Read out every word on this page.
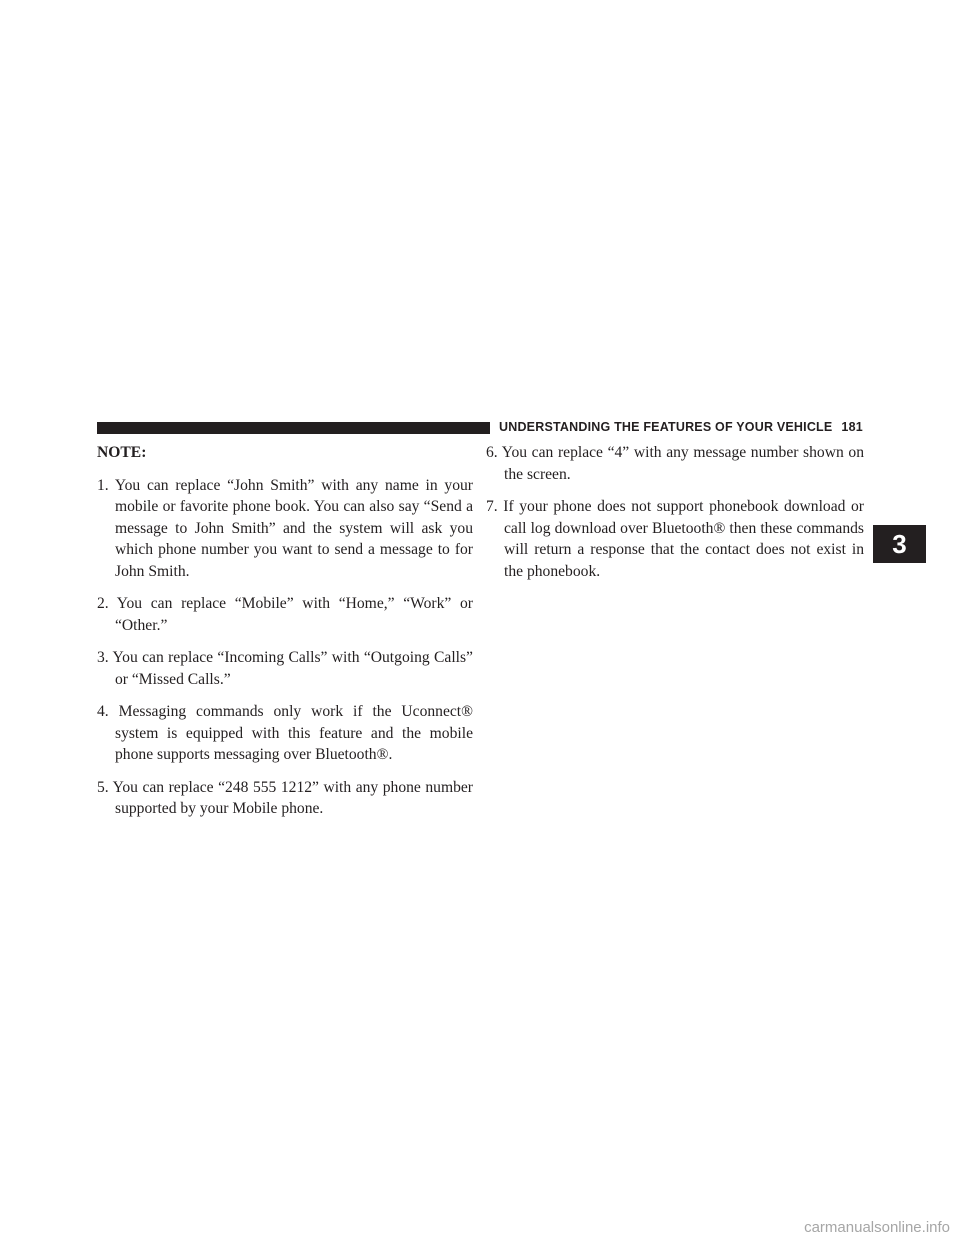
UNDERSTANDING THE FEATURES OF YOUR VEHICLE 181

NOTE:

1. You can replace “John Smith” with any name in your mobile or favorite phone book. You can also say “Send a message to John Smith” and the system will ask you which phone number you want to send a message to for John Smith.

2. You can replace “Mobile” with “Home,” “Work” or “Other.”

3. You can replace “Incoming Calls” with “Outgoing Calls” or “Missed Calls.”

4. Messaging commands only work if the Uconnect® system is equipped with this feature and the mobile phone supports messaging over Bluetooth®.

5. You can replace “248 555 1212” with any phone number supported by your Mobile phone.

6. You can replace “4” with any message number shown on the screen.

7. If your phone does not support phonebook download or call log download over Bluetooth® then these commands will return a response that the contact does not exist in the phonebook.

3
carmanualsonline.info
